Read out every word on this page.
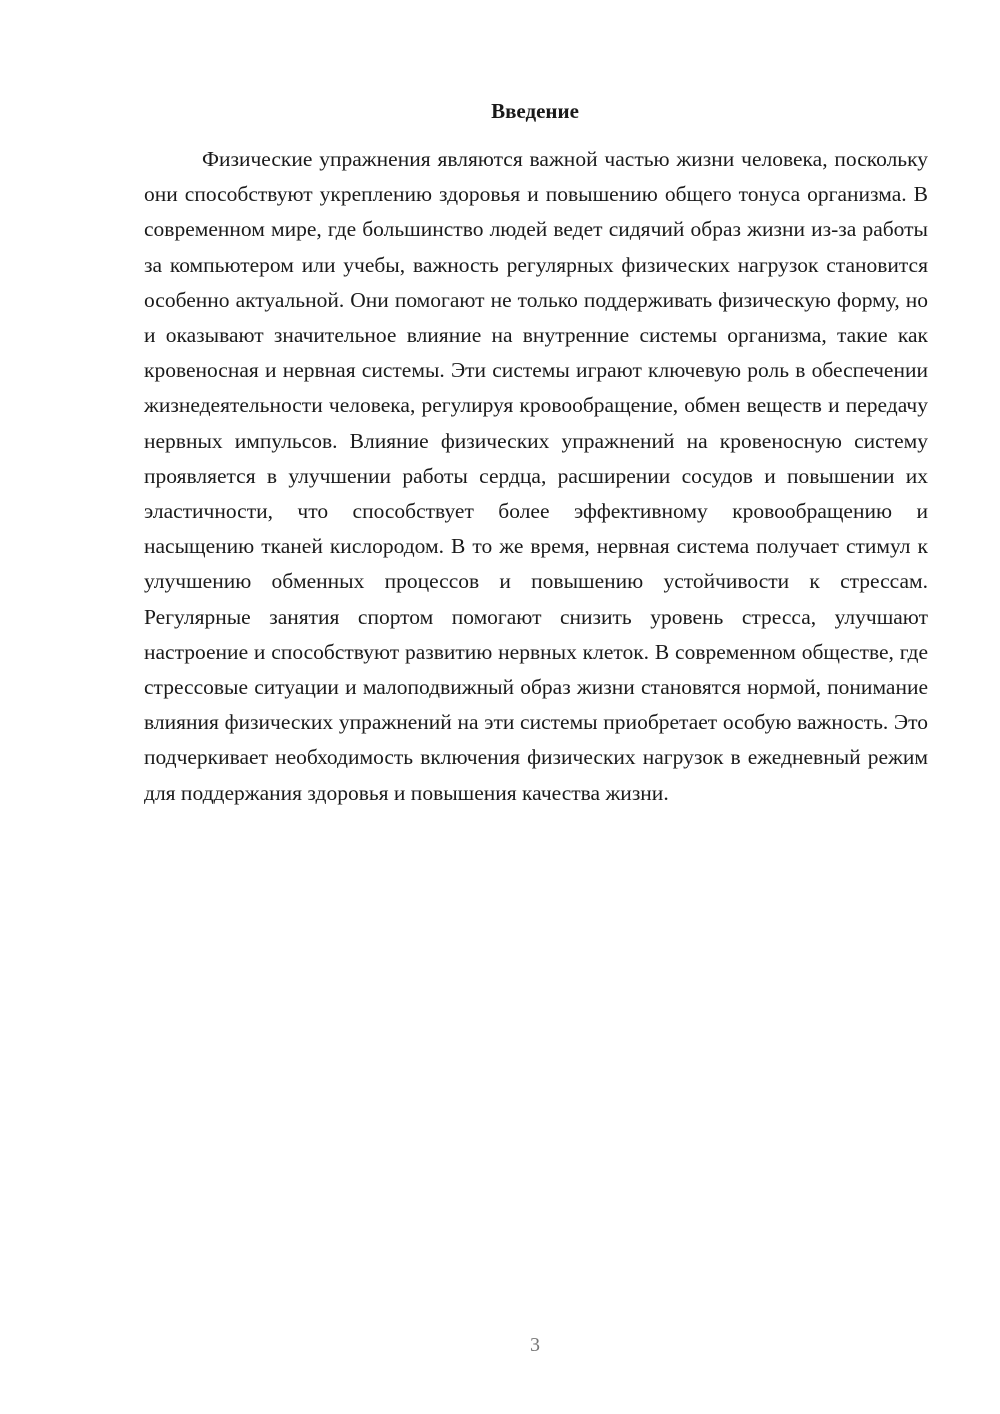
Введение

Физические упражнения являются важной частью жизни человека, поскольку они способствуют укреплению здоровья и повышению общего тонуса организма. В современном мире, где большинство людей ведет сидячий образ жизни из-за работы за компьютером или учебы, важность регулярных физических нагрузок становится особенно актуальной. Они помогают не только поддерживать физическую форму, но и оказывают значительное влияние на внутренние системы организма, такие как кровеносная и нервная системы. Эти системы играют ключевую роль в обеспечении жизнедеятельности человека, регулируя кровообращение, обмен веществ и передачу нервных импульсов. Влияние физических упражнений на кровеносную систему проявляется в улучшении работы сердца, расширении сосудов и повышении их эластичности, что способствует более эффективному кровообращению и насыщению тканей кислородом. В то же время, нервная система получает стимул к улучшению обменных процессов и повышению устойчивости к стрессам. Регулярные занятия спортом помогают снизить уровень стресса, улучшают настроение и способствуют развитию нервных клеток. В современном обществе, где стрессовые ситуации и малоподвижный образ жизни становятся нормой, понимание влияния физических упражнений на эти системы приобретает особую важность. Это подчеркивает необходимость включения физических нагрузок в ежедневный режим для поддержания здоровья и повышения качества жизни.

3
